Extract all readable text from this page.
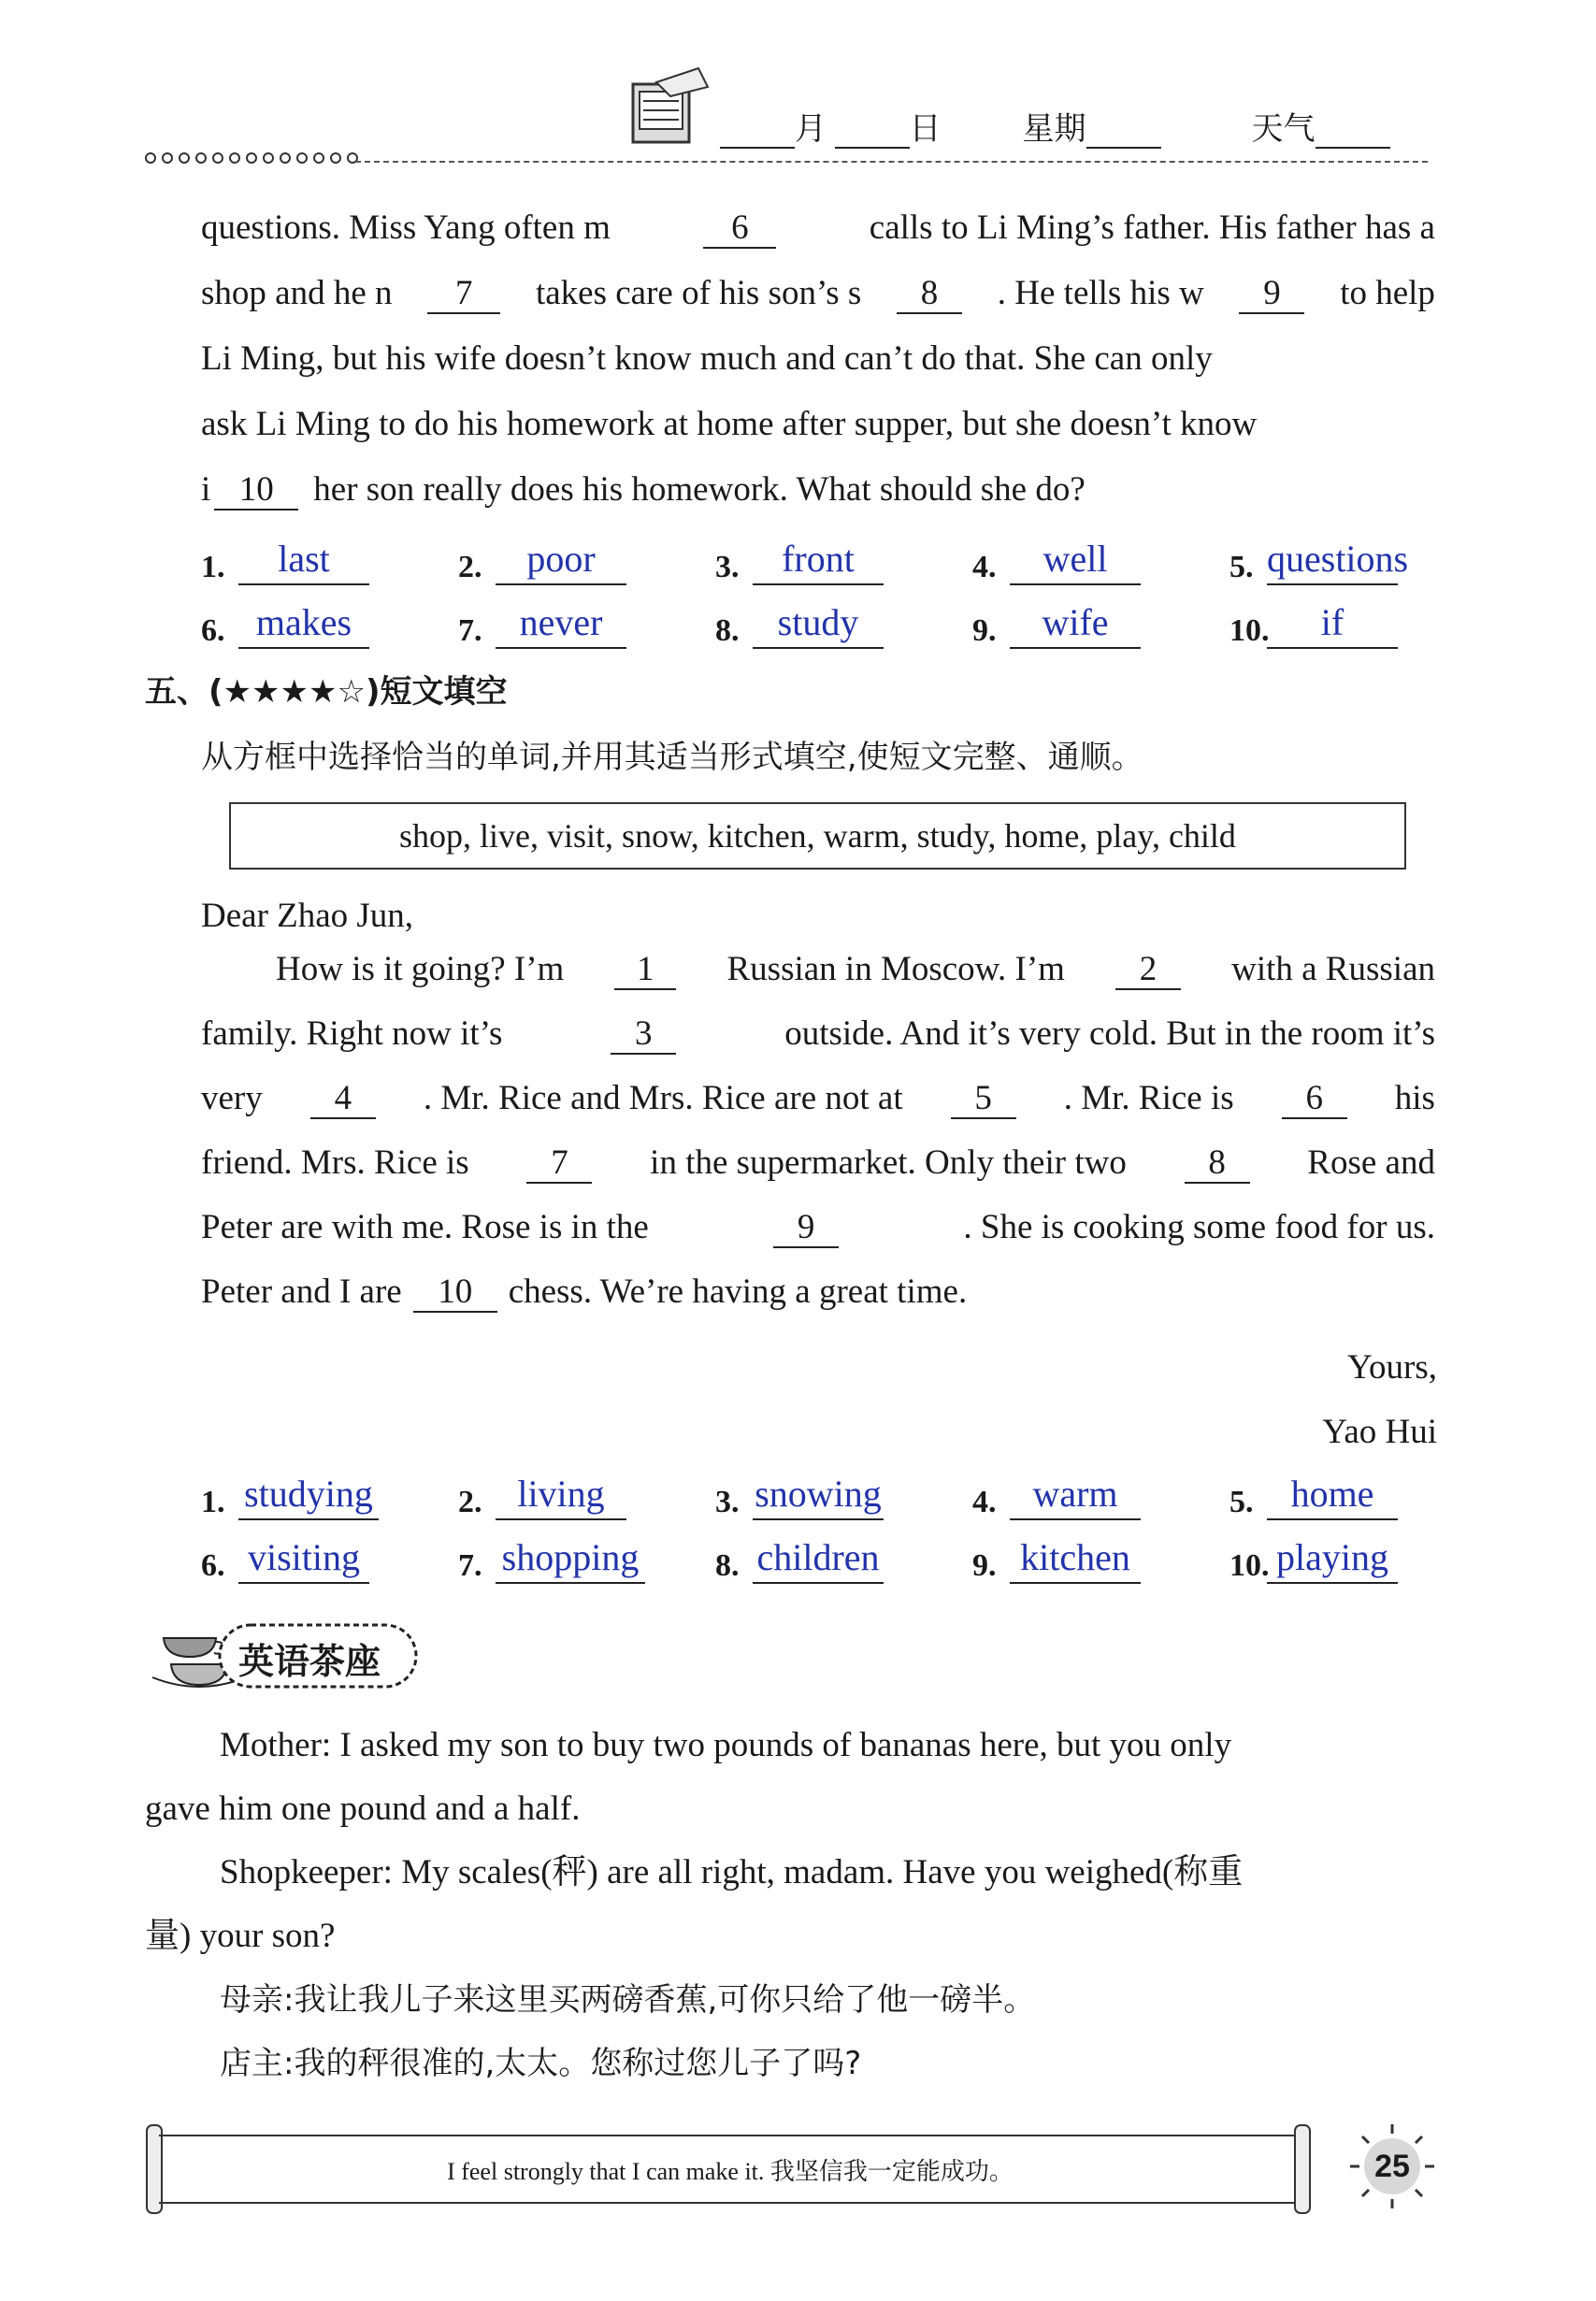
月	日	星期	天气
questions. Miss Yang often m	6	calls to Li Ming’s father. His father has a
shop and he n	7	takes care of his son’s s	8	. He tells his w	9	to help
Li Ming, but his wife doesn’t know much and can’t do that. She can only
ask Li Ming to do his homework at home after supper, but she doesn’t know
i 10	her son really does his homework. What should she do?
1.	last	2.	poor	3.	front	4.	well	5. questions
6. makes	7.	never	8.	study	9.	wife	10.	if
五、(★★★★☆)短文填空
从方框中选择恰当的单词,并用其适当形式填空,使短文完整、通顺。
shop, live, visit, snow, kitchen, warm, study, home, play, child
Dear Zhao Jun,
How is it going? I’m	1	Russian in Moscow. I’m	2	with a Russian
family. Right now it’s	3	outside. And it’s very cold. But in the room it’s
very	4	. Mr. Rice and Mrs. Rice are not at	5	. Mr. Rice is	6	his
friend. Mrs. Rice is	7	in the supermarket. Only their two	8	Rose and
Peter are with me. Rose is in the	9	. She is cooking some food for us.
Peter and I are	10	chess. We’re having a great time.
Yours,
Yao Hui
1. studying	2. living	3. snowing	4. warm	5.	home
6. visiting	7. shopping 8. children	9. kitchen	10. playing
英语茶座
Mother: I asked my son to buy two pounds of bananas here, but you only
gave him one pound and a half.
Shopkeeper: My scales(秤) are all right, madam. Have you weighed(称重
量) your son?
母亲:我让我儿子来这里买两磅香蕉,可你只给了他一磅半。
店主:我的秤很准的,太太。您称过您儿子了吗?
I feel strongly that I can make it. 我坚信我一定能成功。	25
